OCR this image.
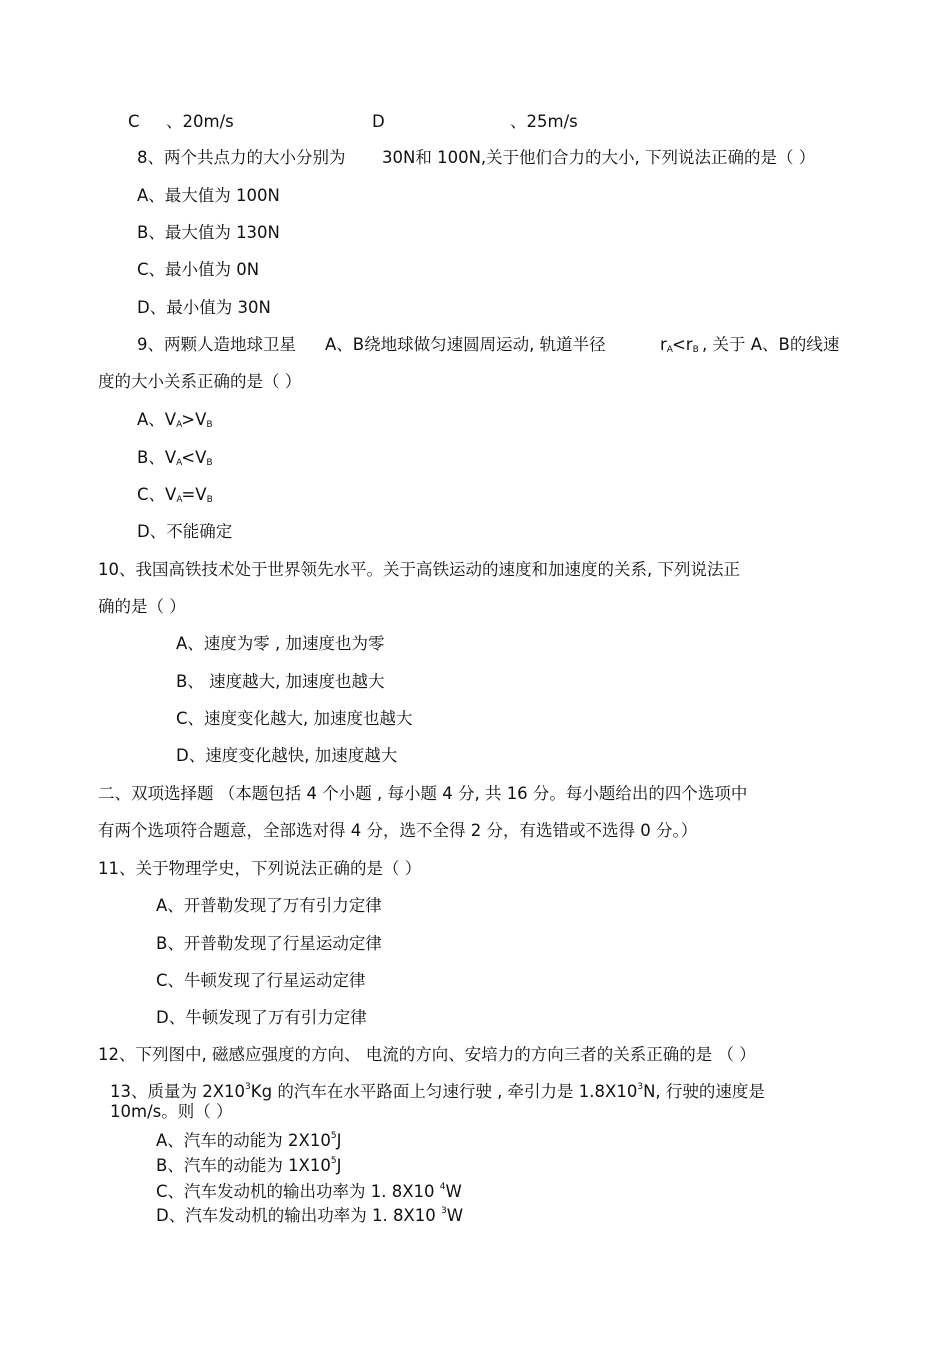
C 、20m/s	D	、25m/s
8、两个共点力的大小分别为 30N和 100N, 关于他们合力的大小, 下列说法正确的是（ ）
A、最大值为 100N
B、最大值为 130N
C、最小值为 0N
D、最小值为 30N
9、两颗人造地球卫星 A、B绕地球做匀速圆周运动, 轨道半径	$r_A<r_B$ , 关于 A、B的线速
度的大小关系正确的是（ ）
A、$V_A>V_B$
B、$V_A<V_B$
C、$V_A=V_B$
D、不能确定
10、我国高铁技术处于世界领先水平。关于高铁运动的速度和加速度的关系, 下列说法正
确的是（ ）
A、速度为零 , 加速度也为零
B、 速度越大, 加速度也越大
C、速度变化越大, 加速度也越大
D、速度变化越快, 加速度越大
二、双项选择题 （本题包括 4 个小题 , 每小题 4 分, 共 16 分。每小题给出的四个选项中
有两个选项符合题意，全部选对得 4 分，选不全得 2 分，有选错或不选得 0 分。）
11、关于物理学史，下列说法正确的是（ ）
A、开普勒发现了万有引力定律
B、开普勒发现了行星运动定律
C、牛顿发现了行星运动定律
D、牛顿发现了万有引力定律
12、下列图中, 磁感应强度的方向、 电流的方向、安培力的方向三者的关系正确的是 （ ）
13、质量为 $2X10^3Kg$ 的汽车在水平路面上匀速行驶 , 牵引力是 $1.8X10^3N$, 行驶的速度是
10m/s。则（ ）
A、汽车的动能为 $2X10^5J$
B、汽车的动能为 $1X10^5J$
C、汽车发动机的输出功率为 1. 8X10 $^4$W
D、汽车发动机的输出功率为 1. 8X10 $^3$W
